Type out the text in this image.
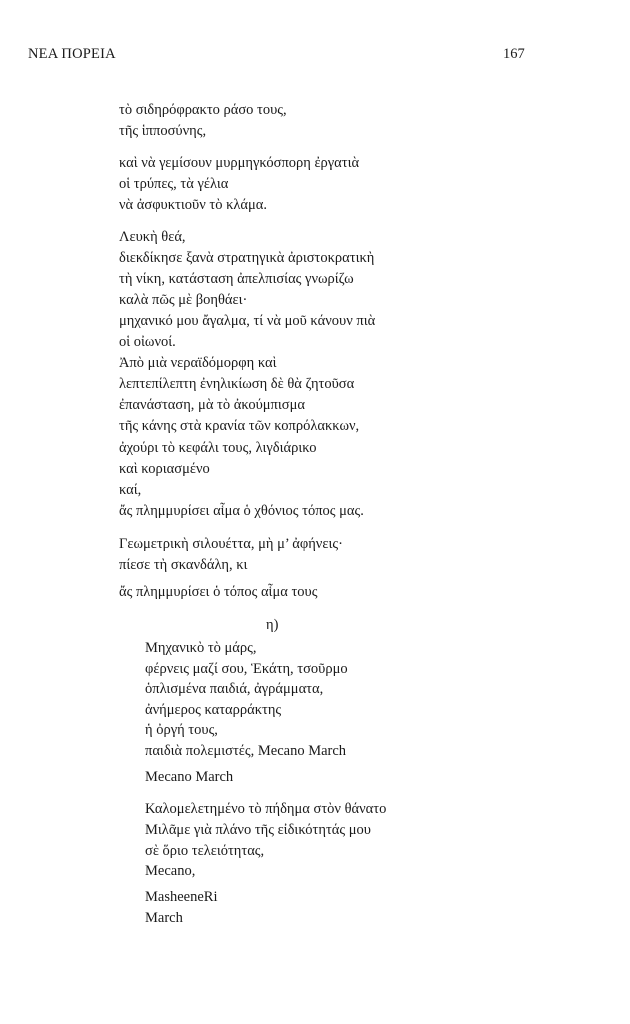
ΝΕΑ ΠΟΡΕΙΑ	167
τὸ σιδηρόφρακτο ράσο τους,
τῆς ἱπποσύνης,
καὶ νὰ γεμίσουν μυρμηγκόσπορη ἐργατιὰ
οἱ τρύπες, τὰ γέλια
νὰ ἀσφυκτιοῦν τὸ κλάμα.
Λευκὴ θεά,
διεκδίκησε ξανὰ στρατηγικὰ ἀριστοκρατικὴ
τὴ νίκη, κατάσταση ἀπελπισίας γνωρίζω
καλὰ πῶς μὲ βοηθάει·
μηχανικό μου ἄγαλμα, τί νὰ μοῦ κάνουν πιὰ
οἱ οἰωνοί.
Ἀπὸ μιὰ νεραϊδόμορφη καὶ
λεπτεπίλεπτη ἐνηλικίωση δὲ θὰ ζητοῦσα
ἐπανάσταση, μὰ τὸ ἀκούμπισμα
τῆς κάνης στὰ κρανία τῶν κοπρόλακκων,
ἀχούρι τὸ κεφάλι τους, λιγδιάρικο
καὶ κοριασμένο
καί,
ἄς πλημμυρίσει αἷμα ὁ χθόνιος τόπος μας.
Γεωμετρικὴ σιλουέττα, μὴ μ’ ἀφήνεις·
πίεσε τὴ σκανδάλη, κι
ἄς πλημμυρίσει ὁ τόπος αἷμα τους
η)
Μηχανικὸ τὸ μάρς,
φέρνεις μαζί σου, Ἑκάτη, τσοῦρμο
ὁπλισμένα παιδιά, ἀγράμματα,
ἀνήμερος καταρράκτης
ἡ ὀργή τους,
παιδιὰ πολεμιστές, Mecano March
Mecano March
Καλομελετημένο τὸ πήδημα στὸν θάνατο
Μιλᾶμε γιὰ πλάνο τῆς εἰδικότητάς μου
σὲ ὅριο τελειότητας,
Mecano,
MasheeneRi
March
